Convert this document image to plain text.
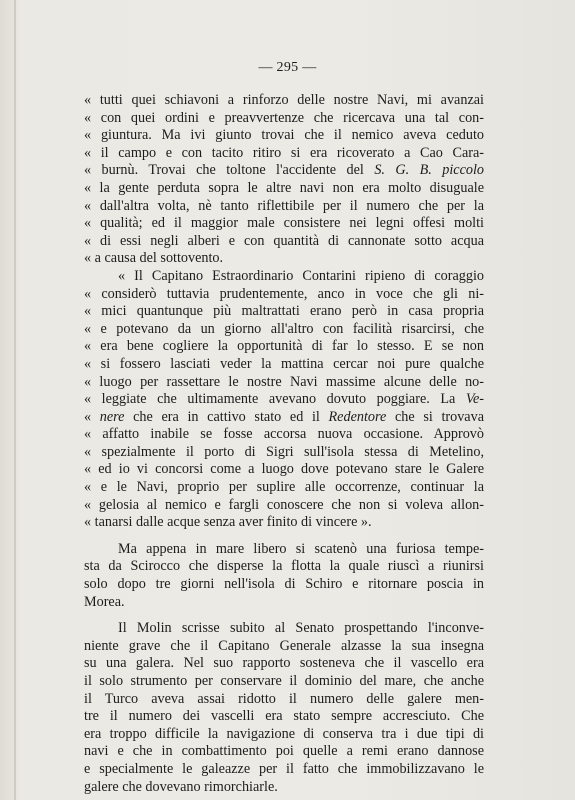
— 295 —
« tutti quei schiavoni a rinforzo delle nostre Navi, mi avanzai
« con quei ordini e preavvertenze che ricercava una tal con-
« giuntura. Ma ivi giunto trovai che il nemico aveva ceduto
« il campo e con tacito ritiro si era ricoverato a Cao Cara-
« burnù. Trovai che toltone l'accidente del S. G. B. piccolo
« la gente perduta sopra le altre navi non era molto disuguale
« dall'altra volta, nè tanto riflettibile per il numero che per la
« qualità; ed il maggior male consistere nei legni offesi molti
« di essi negli alberi e con quantità di cannonate sotto acqua
« a causa del sottovento.
« Il Capitano Estraordinario Contarini ripieno di coraggio
« considerò tuttavia prudentemente, anco in voce che gli ni-
« mici quantunque più maltrattati erano però in casa propria
« e potevano da un giorno all'altro con facilità risarcirsi, che
« era bene cogliere la opportunità di far lo stesso. E se non
« si fossero lasciati veder la mattina cercar noi pure qualche
« luogo per rassettare le nostre Navi massime alcune delle no-
« leggiate che ultimamente avevano dovuto poggiare. La Ve-
« nere che era in cattivo stato ed il Redentore che si trovava
« affatto inabile se fosse accorsa nuova occasione. Approvò
« spezialmente il porto di Sigri sull'isola stessa di Metelino,
« ed io vi concorsi come a luogo dove potevano stare le Galere
« e le Navi, proprio per suplire alle occorrenze, continuar la
« gelosia al nemico e fargli conoscere che non si voleva allon-
« tanarsi dalle acque senza aver finito di vincere ».
Ma appena in mare libero si scatenò una furiosa tempe-
sta da Scirocco che disperse la flotta la quale riuscì a riunirsi
solo dopo tre giorni nell'isola di Schiro e ritornare poscia in
Morea.
Il Molin scrisse subito al Senato prospettando l'inconve-
niente grave che il Capitano Generale alzasse la sua insegna
su una galera. Nel suo rapporto sosteneva che il vascello era
il solo strumento per conservare il dominio del mare, che anche
il Turco aveva assai ridotto il numero delle galere men-
tre il numero dei vascelli era stato sempre accresciuto. Che
era troppo difficile la navigazione di conserva tra i due tipi di
navi e che in combattimento poi quelle a remi erano dannose
e specialmente le galeazze per il fatto che immobilizzavano le
galere che dovevano rimorchiarle.
